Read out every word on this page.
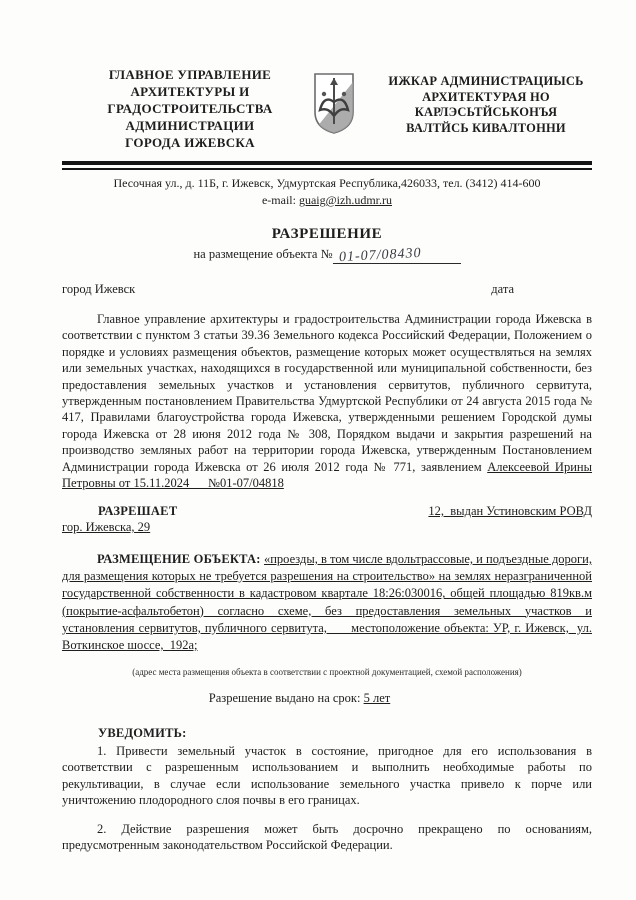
ГЛАВНОЕ УПРАВЛЕНИЕ
АРХИТЕКТУРЫ И
ГРАДОСТРОИТЕЛЬСТВА
АДМИНИСТРАЦИИ
ГОРОДА ИЖЕВСКА
ИЖКАР АДМИНИСТРАЦИЫСЬ
АРХИТЕКТУРАЯ НО
КАРЛЭСЬТЙСЬКОНЪЯ
ВАЛТЙСЬ КИВАЛТОННИ
Песочная ул., д. 11Б, г. Ижевск, Удмуртская Республика,426033, тел. (3412) 414-600
e-mail: guaig@izh.udmr.ru
РАЗРЕШЕНИЕ
на размещение объекта № 01-07/08430
город Ижевск	дата

Главное управление архитектуры и градостроительства Администрации города Ижевска в соответствии с пунктом 3 статьи 39.36 Земельного кодекса Российский Федерации, Положением о порядке и условиях размещения объектов, размещение которых может осуществляться на землях или земельных участках, находящихся в государственной или муниципальной собственности, без предоставления земельных участков и установления сервитутов, публичного сервитута, утвержденным постановлением Правительства Удмуртской Республики от 24 августа 2015 года № 417, Правилами благоустройства города Ижевска, утвержденными решением Городской думы города Ижевска от 28 июня 2012 года № 308, Порядком выдачи и закрытия разрешений на производство земляных работ на территории города Ижевска, утвержденным Постановлением Администрации города Ижевска от 26 июля 2012 года № 771, заявлением Алексеевой Ирины Петровны от 15.11.2024      №01-07/04818

РАЗРЕШАЕТ	12,  выдан Устиновским РОВД
гор. Ижевска, 29

РАЗМЕЩЕНИЕ ОБЪЕКТА: «проезды, в том числе вдольтрассовые, и подъездные дороги, для размещения которых не требуется разрешения на строительство» на землях неразграниченной государственной собственности в кадастровом квартале 18:26:030016, общей площадью 819кв.м (покрытие-асфальтобетон) согласно схеме, без предоставления земельных участков и установления сервитутов, публичного сервитута,      местоположение объекта: УР, г. Ижевск,  ул. Воткинское шоссе,  192а;

(адрес места размещения объекта в соответствии с проектной документацией, схемой расположения)
Разрешение выдано на срок: 5 лет
УВЕДОМИТЬ:

1. Привести земельный участок в состояние, пригодное для его использования в соответствии с разрешенным использованием и выполнить необходимые работы по рекультивации, в случае если использование земельного участка привело к порче или уничтожению плодородного слоя почвы в его границах.

2. Действие разрешения может быть досрочно прекращено по основаниям, предусмотренным законодательством Российской Федерации.
